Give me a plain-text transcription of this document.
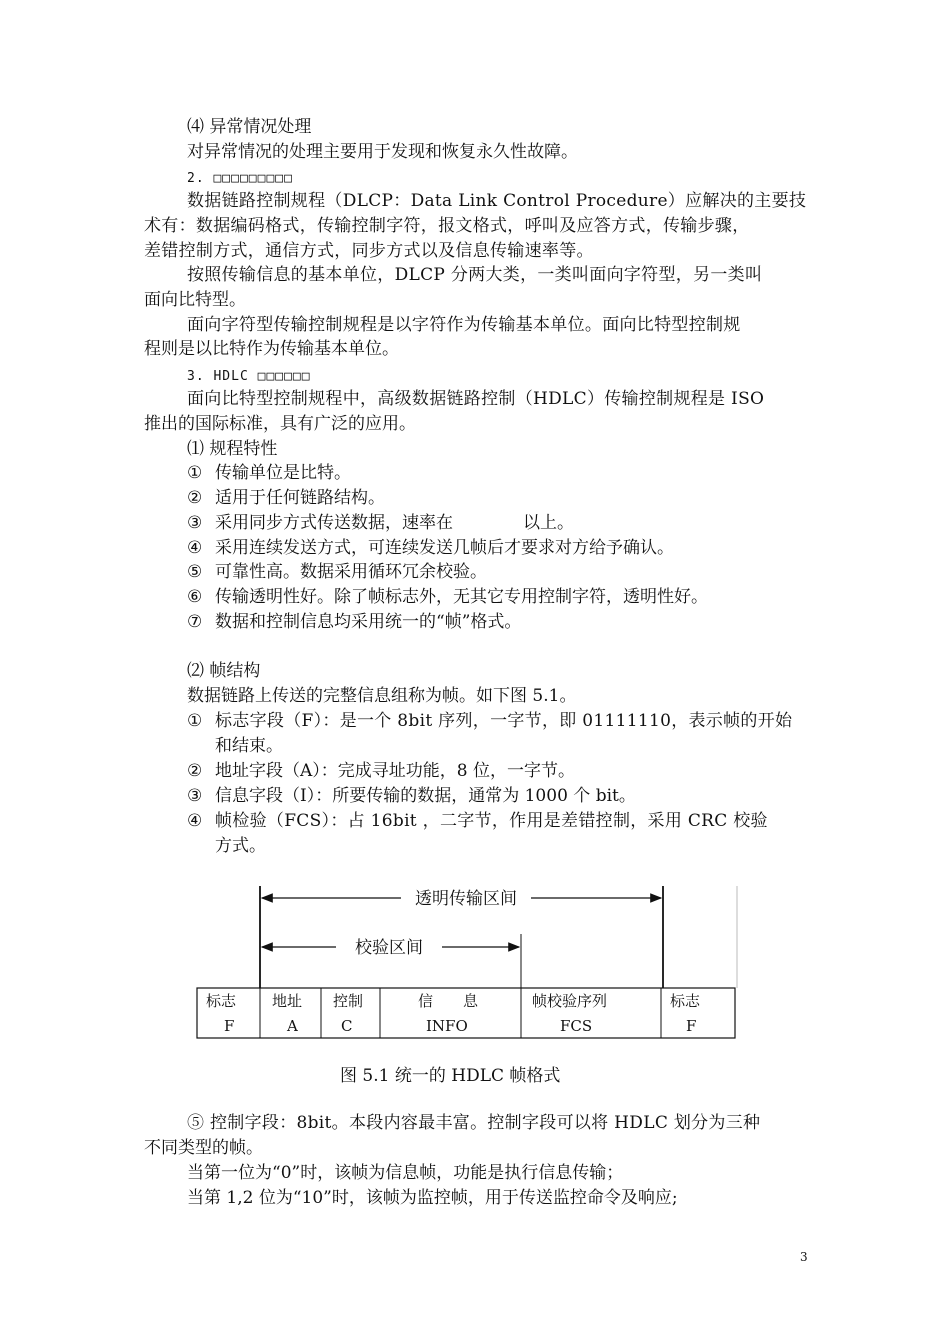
⑷ 异常情况处理
对异常情况的处理主要用于发现和恢复永久性故障。
2. □□□□□□□□□
数据链路控制规程（DLCP：Data Link Control Procedure）应解决的主要技
术有：数据编码格式，传输控制字符，报文格式，呼叫及应答方式，传输步骤，
差错控制方式，通信方式，同步方式以及信息传输速率等。
按照传输信息的基本单位，DLCP 分两大类，一类叫面向字符型，另一类叫
面向比特型。
面向字符型传输控制规程是以字符作为传输基本单位。面向比特型控制规
程则是以比特作为传输基本单位。
3. HDLC □□□□□□
面向比特型控制规程中，高级数据链路控制（HDLC）传输控制规程是 ISO
推出的国际标准，具有广泛的应用。
⑴ 规程特性
① 传输单位是比特。
② 适用于任何链路结构。
③ 采用同步方式传送数据，速率在	以上。
④ 采用连续发送方式，可连续发送几帧后才要求对方给予确认。
⑤ 可靠性高。数据采用循环冗余校验。
⑥ 传输透明性好。除了帧标志外，无其它专用控制字符，透明性好。
⑦ 数据和控制信息均采用统一的“帧”格式。
⑵ 帧结构
数据链路上传送的完整信息组称为帧。如下图 5.1。
① 标志字段（F）：是一个 8bit 序列，一字节，即 01111110，表示帧的开始
和结束。
② 地址字段（A）：完成寻址功能，8 位，一字节。
③ 信息字段（I）：所要传输的数据，通常为 1000 个 bit。
④ 帧检验（FCS）：占 16bit ，二字节，作用是差错控制，采用 CRC 校验
方式。
透明传输区间
校验区间
标志
F
地址
A
控制
C
信　　息
INFO
帧校验序列
FCS
标志
F
图 5.1 统一的 HDLC 帧格式
⑤ 控制字段：8bit。本段内容最丰富。控制字段可以将 HDLC 划分为三种
不同类型的帧。
当第一位为“0”时，该帧为信息帧，功能是执行信息传输；
当第 1,2 位为“10”时，该帧为监控帧，用于传送监控命令及响应;
3
